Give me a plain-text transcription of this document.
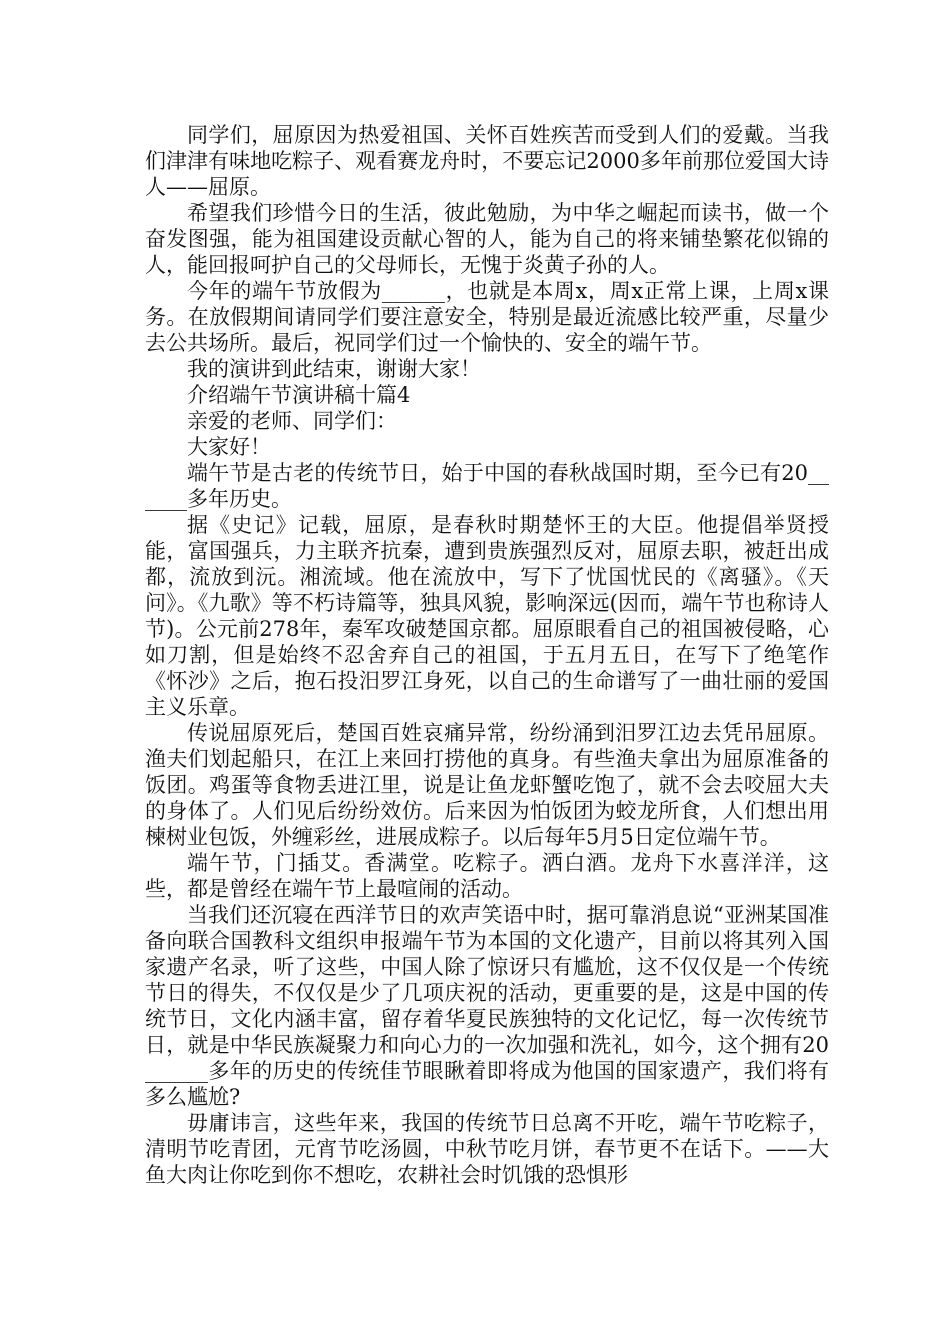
同学们，屈原因为热爱祖国、关怀百姓疾苦而受到人们的爱戴。当我们津津有味地吃粽子、观看赛龙舟时，不要忘记2000多年前那位爱国大诗人——屈原。

希望我们珍惜今日的生活，彼此勉励，为中华之崛起而读书，做一个奋发图强，能为祖国建设贡献心智的人，能为自己的将来铺垫繁花似锦的人，能回报呵护自己的父母师长，无愧于炎黄子孙的人。

今年的端午节放假为______，也就是本周x，周x正常上课，上周x课务。在放假期间请同学们要注意安全，特别是最近流感比较严重，尽量少去公共场所。最后，祝同学们过一个愉快的、安全的端午节。

我的演讲到此结束，谢谢大家！

介绍端午节演讲稿十篇4

亲爱的老师、同学们：

大家好！

端午节是古老的传统节日，始于中国的春秋战国时期，至今已有20______多年历史。

据《史记》记载，屈原，是春秋时期楚怀王的大臣。他提倡举贤授能，富国强兵，力主联齐抗秦，遭到贵族强烈反对，屈原去职，被赶出成都，流放到沅。湘流域。他在流放中，写下了忧国忧民的《离骚》。《天问》。《九歌》等不朽诗篇等，独具风貌，影响深远(因而，端午节也称诗人节)。公元前278年，秦军攻破楚国京都。屈原眼看自己的祖国被侵略，心如刀割，但是始终不忍舍弃自己的祖国，于五月五日，在写下了绝笔作《怀沙》之后，抱石投汨罗江身死，以自己的生命谱写了一曲壮丽的爱国主义乐章。

传说屈原死后，楚国百姓哀痛异常，纷纷涌到汨罗江边去凭吊屈原。渔夫们划起船只，在江上来回打捞他的真身。有些渔夫拿出为屈原准备的饭团。鸡蛋等食物丢进江里，说是让鱼龙虾蟹吃饱了，就不会去咬屈大夫的身体了。人们见后纷纷效仿。后来因为怕饭团为蛟龙所食，人们想出用楝树业包饭，外缠彩丝，进展成粽子。以后每年5月5日定位端午节。

端午节，门插艾。香满堂。吃粽子。洒白酒。龙舟下水喜洋洋，这些，都是曾经在端午节上最喧闹的活动。

当我们还沉寝在西洋节日的欢声笑语中时，据可靠消息说“亚洲某国准备向联合国教科文组织申报端午节为本国的文化遗产，目前以将其列入国家遗产名录，听了这些，中国人除了惊讶只有尴尬，这不仅仅是一个传统节日的得失，不仅仅是少了几项庆祝的活动，更重要的是，这是中国的传统节日，文化内涵丰富，留存着华夏民族独特的文化记忆，每一次传统节日，就是中华民族凝聚力和向心力的一次加强和洗礼，如今，这个拥有20______多年的历史的传统佳节眼瞅着即将成为他国的国家遗产，我们将有多么尴尬?

毋庸讳言，这些年来，我国的传统节日总离不开吃，端午节吃粽子，清明节吃青团，元宵节吃汤圆，中秋节吃月饼，春节更不在话下。——大鱼大肉让你吃到你不想吃，农耕社会时饥饿的恐惧形
